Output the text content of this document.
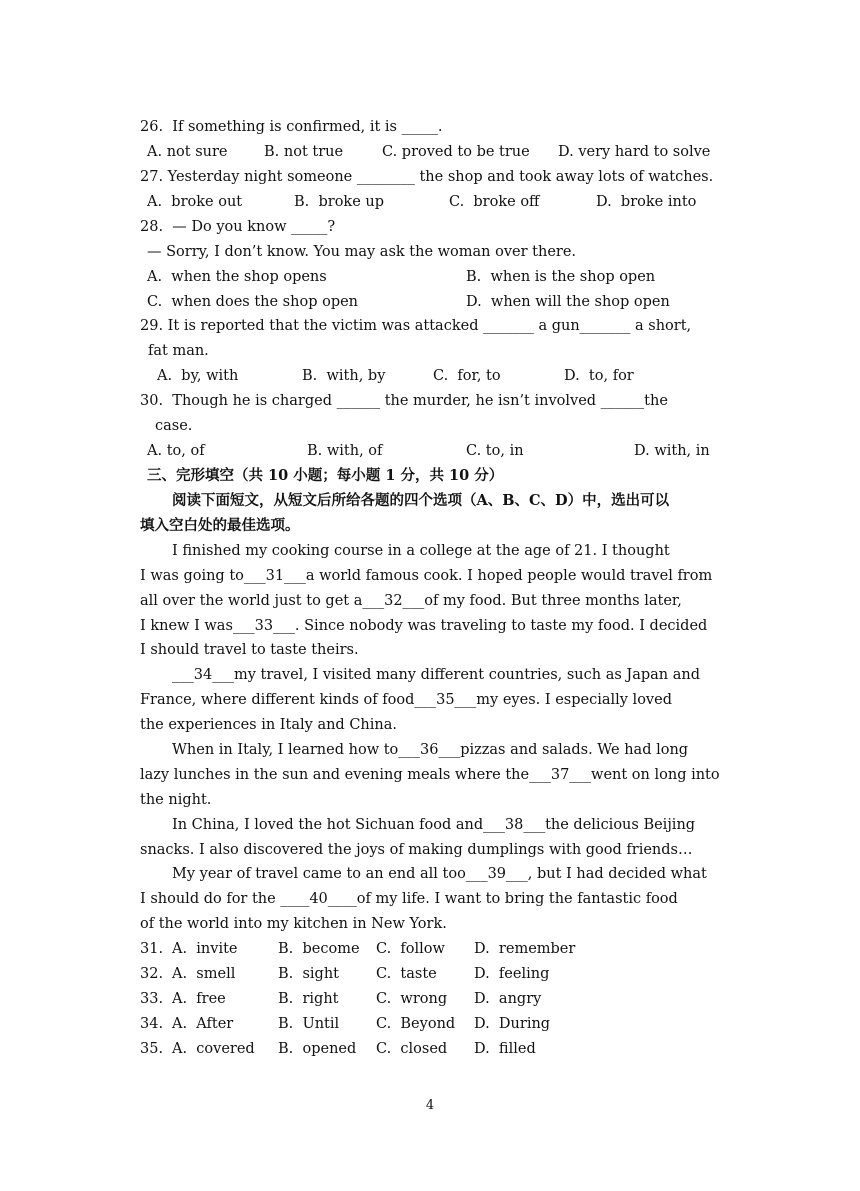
26.  If something is confirmed, it is _____.
A. not sure	B. not true	C. proved to be true D. very hard to solve
27. Yesterday night someone ________ the shop and took away lots of watches.
A.  broke out	B.  broke up	C.  broke off	D.  broke into
28.  — Do you know _____?
— Sorry, I don’t know. You may ask the woman over there.
A.  when the shop opens	B.  when is the shop open
C.  when does the shop open	D.  when will the shop open
29. It is reported that the victim was attacked _______ a gun_______ a short,
fat man.
A.  by, with	B.  with, by	C.  for, to	D.  to, for
30.  Though he is charged ______ the murder, he isn’t involved ______the
case.
A. to, of	B. with, of	C. to, in	D. with, in
三、完形填空（共 10 小题；每小题 1 分，共 10 分）
阅读下面短文，从短文后所给各题的四个选项（A、B、C、D）中，选出可以
填入空白处的最佳选项。
I finished my cooking course in a college at the age of 21. I thought
I was going to___31___a world famous cook. I hoped people would travel from
all over the world just to get a___32___of my food. But three months later,
I knew I was___33___. Since nobody was traveling to taste my food. I decided
I should travel to taste theirs.
___34___my travel, I visited many different countries, such as Japan and
France, where different kinds of food___35___my eyes. I especially loved
the experiences in Italy and China.
When in Italy, I learned how to___36___pizzas and salads. We had long
lazy lunches in the sun and evening meals where the___37___went on long into
the night.
In China, I loved the hot Sichuan food and___38___the delicious Beijing
snacks. I also discovered the joys of making dumplings with good friends…
My year of travel came to an end all too___39___, but I had decided what
I should do for the ____40____of my life. I want to bring the fantastic food
of the world into my kitchen in New York.
31. A.  invite	B.  become C.  follow D.  remember
32. A.  smell	B.  sight	C.  taste	D.  feeling
33. A.  free	B.  right	C.  wrong D.  angry
34. A.  After	B.  Until	C.  Beyond D.  During
35. A.  covered B.  opened C.  closed D.  filled
4
